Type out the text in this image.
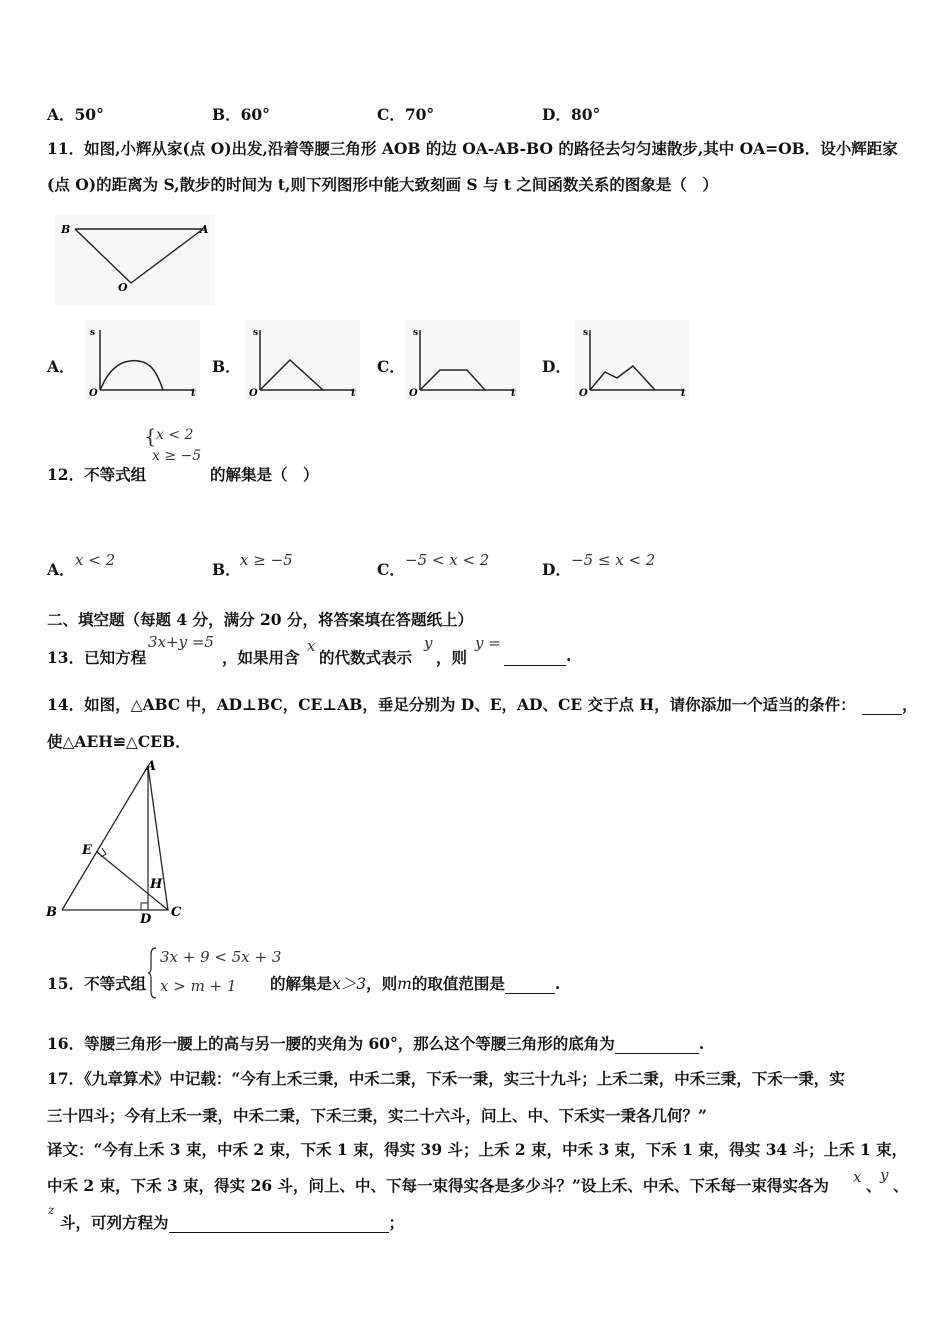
A．50°	B．60°	C．70°	D．80°
11．如图,小辉从家(点 O)出发,沿着等腰三角形 AOB 的边 OA-AB-BO 的路径去匀匀速散步,其中 OA=OB．设小辉距家
(点 O)的距离为 S,散步的时间为 t,则下列图形中能大致刻画 S 与 t 之间函数关系的图象是（　）
B	A
O
A．
s
O	t
B．
s
O	t
C．
s
O	t
D．
s
O	t
12．不等式组
{ x < 2
x ≥ −5
的解集是（　）
A． x < 2	B． x ≥ −5	C． −5 < x < 2	D． −5 ≤ x < 2
二、填空题（每题 4 分，满分 20 分，将答案填在答题纸上）
13．已知方程
3x+y =5
，如果用含
x
的代数式表示
y
，则
y =
.
14．如图，△ABC 中，AD⊥BC，CE⊥AB，垂足分别为 D、E，AD、CE 交于点 H，请你添加一个适当的条件：	，
使△AEH≌△CEB．
A
E
H
B	D C
15．不等式组
3x + 9 < 5x + 3
x > m + 1 的解集是x＞3，则m的取值范围是	.
16．等腰三角形一腰上的高与另一腰的夹角为 60°，那么这个等腰三角形的底角为	.
17．《九章算术》中记载：“今有上禾三秉，中禾二秉，下禾一秉，实三十九斗；上禾二秉，中禾三秉，下禾一秉，实
三十四斗；今有上禾一秉，中禾二秉，下禾三秉，实二十六斗，问上、中、下禾实一秉各几何？”
译文：“今有上禾 3 束，中禾 2 束，下禾 1 束，得实 39 斗；上禾 2 束，中禾 3 束，下禾 1 束，得实 34 斗；上禾 1 束，
中禾 2 束，下禾 3 束，得实 26 斗，问上、中、下每一束得实各是多少斗？”设上禾、中禾、下禾每一束得实各为 x 、
y
、
z
斗，可列方程为	；
